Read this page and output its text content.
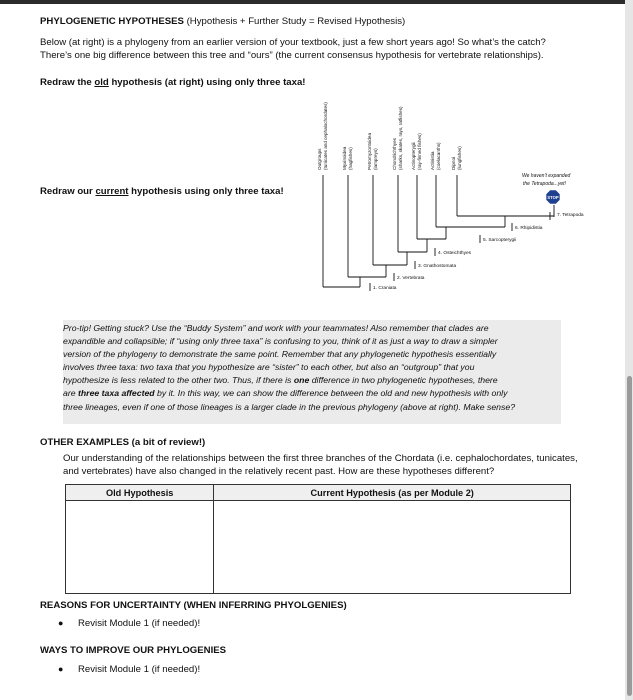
PHYLOGENETIC HYPOTHESES (Hypothesis + Further Study = Revised Hypothesis)
Below (at right) is a phylogeny from an earlier version of your textbook, just a few short years ago! So what’s the catch?
There’s one big difference between this tree and “ours” (the current consensus hypothesis for vertebrate relationships).
Redraw the old hypothesis (at right) using only three taxa!
Redraw our current hypothesis using only three taxa!
Outgroups (tunicates and cephalochordates)	Myxinoidea (hagfishes)	Petromyzontoidea (lampreys)	Chondrichthyes (sharks, skates, rays, ratfishes) Actinopterygii (ray-finned fishes) Actinistia (coelacanths) Dipnoi (lungfishes)
1. Craniata
2. Vertebrata
3. Gnathostomata
4. Osteichthyes
5. Sarcopterygii
6. Rhipidistia
7. Tetrapoda
We haven’t expanded
the Tetrapoda...yet!
STOP
Pro-tip! Getting stuck? Use the “Buddy System” and work with your teammates! Also remember that clades are
expandible and collapsible; if “using only three taxa” is confusing to you, think of it as just a way to draw a simpler
version of the phylogeny to demonstrate the same point. Remember that any phylogenetic hypothesis essentially
involves three taxa: two taxa that you hypothesize are “sister” to each other, but also an “outgroup” that you
hypothesize is less related to the other two. Thus, if there is one difference in two phylogenetic hypotheses, there
are three taxa affected by it. In this way, we can show the difference between the old and new hypothesis with only
three lineages, even if one of those lineages is a larger clade in the previous phylogeny (above at right). Make sense?
OTHER EXAMPLES (a bit of review!)
Our understanding of the relationships between the first three branches of the Chordata (i.e. cephalochordates, tunicates, and vertebrates) have also changed in the relatively recent past. How are these hypotheses different?
Old Hypothesis	Current Hypothesis (as per Module 2)

REASONS FOR UNCERTAINTY (WHEN INFERRING PHYOLGENIES)
● Revisit Module 1 (if needed)!
WAYS TO IMPROVE OUR PHYLOGENIES
● Revisit Module 1 (if needed)!
